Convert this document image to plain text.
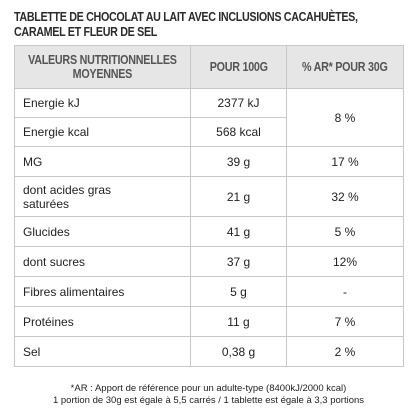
TABLETTE DE CHOCOLAT AU LAIT AVEC INCLUSIONS CACAHUÈTES,
CARAMEL ET FLEUR DE SEL
VALEURS NUTRITIONNELLES
MOYENNES	POUR 100G	% AR* POUR 30G
Energie kJ	2377 kJ	8 %
Energie kcal	568 kcal	
MG	39 g	17 %
dont acides gras
saturées	21 g	32 %
Glucides	41 g	5 %
dont sucres	37 g	12%
Fibres alimentaires	5 g	-
Protéines	11 g	7 %
Sel	0,38 g	2 %
*AR : Apport de référence pour un adulte-type (8400kJ/2000 kcal)
1 portion de 30g est égale à 5,5 carrés / 1 tablette est égale à 3,3 portions
